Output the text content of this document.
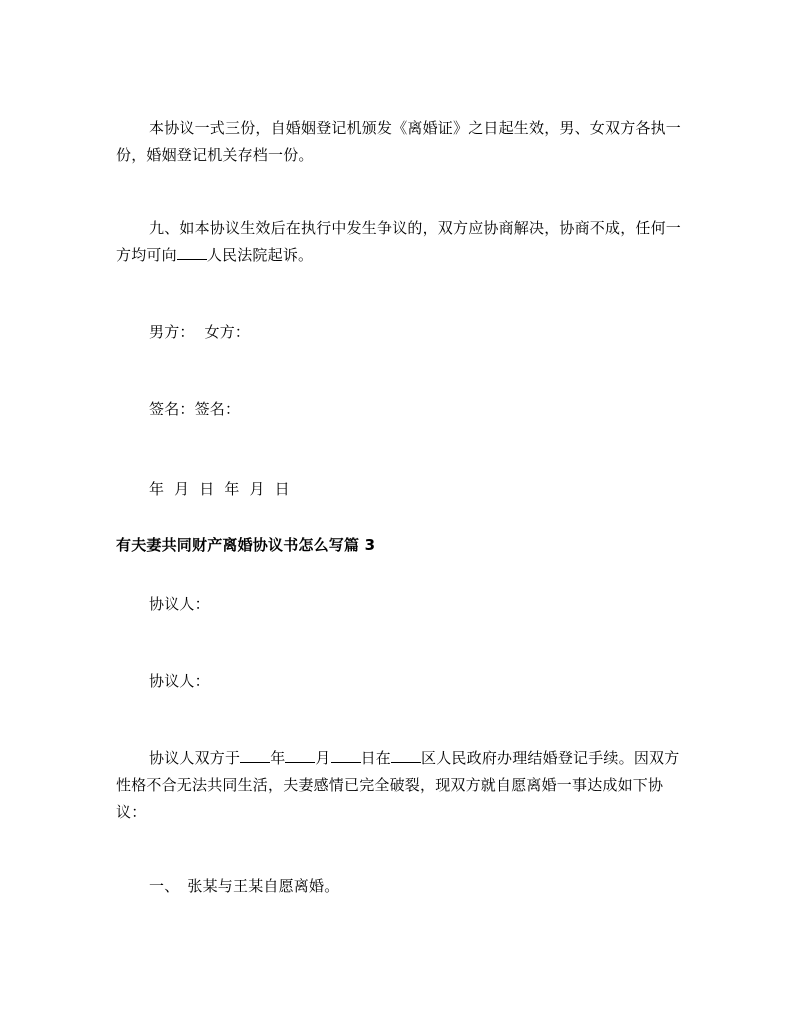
本协议一式三份，自婚姻登记机颁发《离婚证》之日起生效，男、女双方各执一份，婚姻登记机关存档一份。

九、如本协议生效后在执行中发生争议的，双方应协商解决，协商不成，任何一方均可向 人民法院起诉。

男方：  女方：

签名：签名：

年  月  日  年  月  日

有夫妻共同财产离婚协议书怎么写篇 3

协议人：

协议人：

协议人双方于 年 月 日在 区人民政府办理结婚登记手续。因双方性格不合无法共同生活，夫妻感情已完全破裂，现双方就自愿离婚一事达成如下协议：

一、 张某与王某自愿离婚。
